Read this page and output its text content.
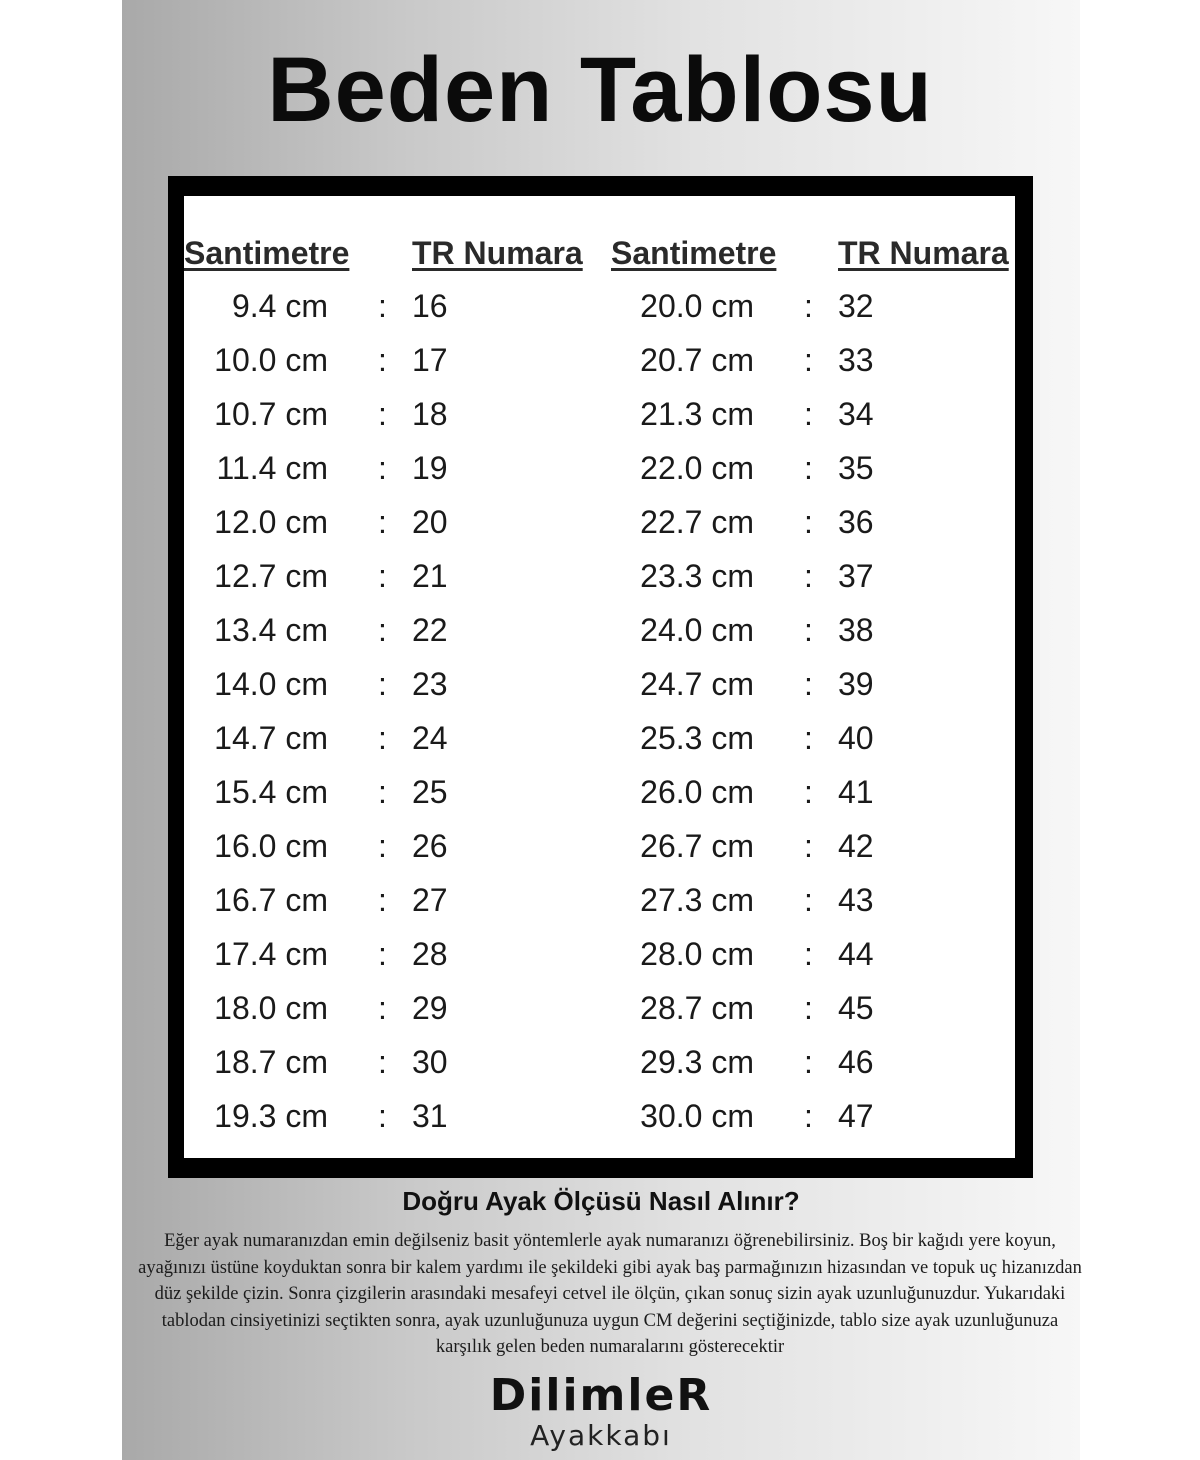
Beden Tablosu
Santimetre TR Numara Santimetre TR Numara
9.4 cm : 16
10.0 cm : 17
10.7 cm : 18
11.4 cm : 19
12.0 cm : 20
12.7 cm : 21
13.4 cm : 22
14.0 cm : 23
14.7 cm : 24
15.4 cm : 25
16.0 cm : 26
16.7 cm : 27
17.4 cm : 28
18.0 cm : 29
18.7 cm : 30
19.3 cm : 31
20.0 cm : 32
20.7 cm : 33
21.3 cm : 34
22.0 cm : 35
22.7 cm : 36
23.3 cm : 37
24.0 cm : 38
24.7 cm : 39
25.3 cm : 40
26.0 cm : 41
26.7 cm : 42
27.3 cm : 43
28.0 cm : 44
28.7 cm : 45
29.3 cm : 46
30.0 cm : 47
Doğru Ayak Ölçüsü Nasıl Alınır?
Eğer ayak numaranızdan emin değilseniz basit yöntemlerle ayak numaranızı öğrenebilirsiniz. Boş bir kağıdı yere koyun, ayağınızı üstüne koyduktan sonra bir kalem yardımı ile şekildeki gibi ayak baş parmağınızın hizasından ve topuk uç hizanızdan düz şekilde çizin. Sonra çizgilerin arasındaki mesafeyi cetvel ile ölçün, çıkan sonuç sizin ayak uzunluğunuzdur. Yukarıdaki tablodan cinsiyetinizi seçtikten sonra, ayak uzunluğunuza uygun CM değerini seçtiğinizde, tablo size ayak uzunluğunuza karşılık gelen beden numaralarını gösterecektir
DilimleR
Ayakkabı
